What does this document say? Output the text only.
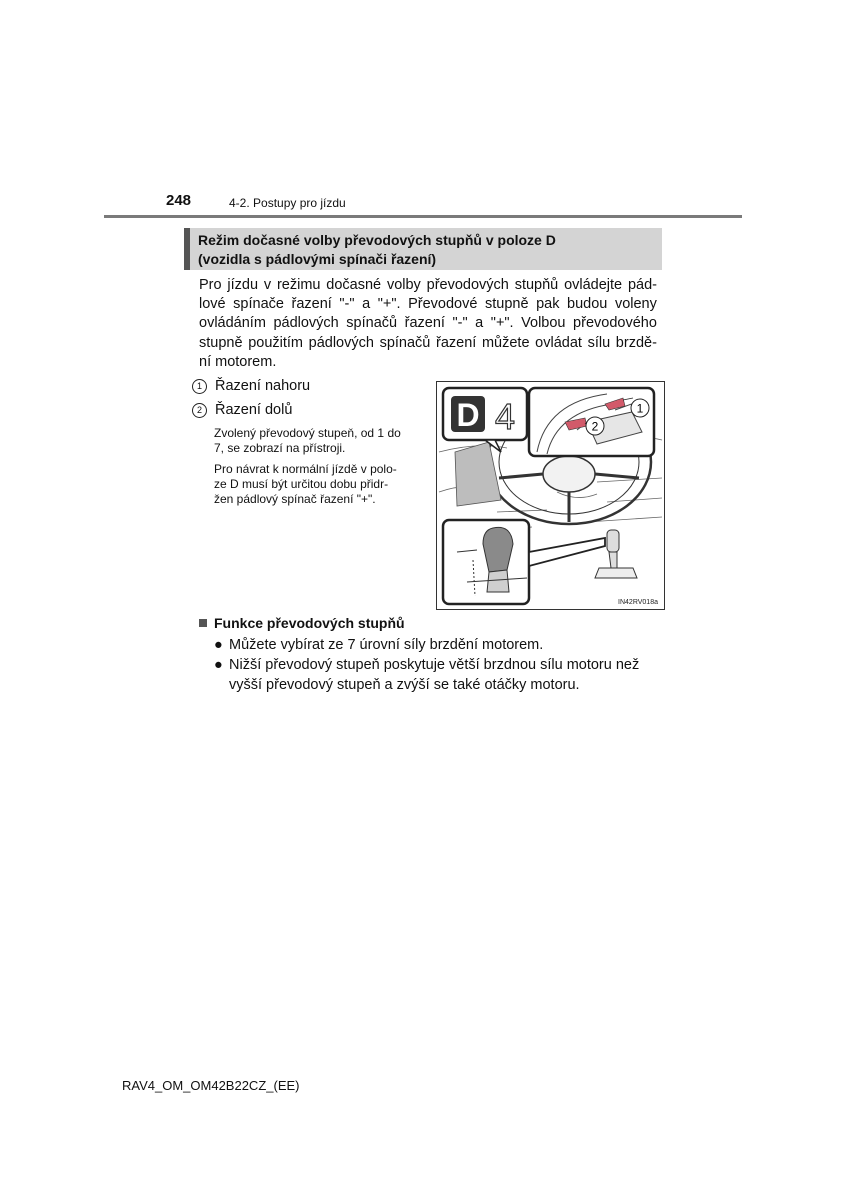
248	4-2. Postupy pro jízdu
Režim dočasné volby převodových stupňů v poloze D
(vozidla s pádlovými spínači řazení)
Pro jízdu v režimu dočasné volby převodových stupňů ovládejte pád-
lové spínače řazení "-" a "+". Převodové stupně pak budou voleny
ovládáním pádlových spínačů řazení "-" a "+". Volbou převodového
stupně použitím pádlových spínačů řazení můžete ovládat sílu brzdě-
ní motorem.
1 Řazení nahoru
2 Řazení dolů
Zvolený převodový stupeň, od 1 do
7, se zobrazí na přístroji.
Pro návrat k normální jízdě v polo-
ze D musí být určitou dobu přidr-
žen pádlový spínač řazení "+".
1
2
D 4
IN42RV018a
Funkce převodových stupňů
● Můžete vybírat ze 7 úrovní síly brzdění motorem.
● Nižší převodový stupeň poskytuje větší brzdnou sílu motoru než
vyšší převodový stupeň a zvýší se také otáčky motoru.
RAV4_OM_OM42B22CZ_(EE)
